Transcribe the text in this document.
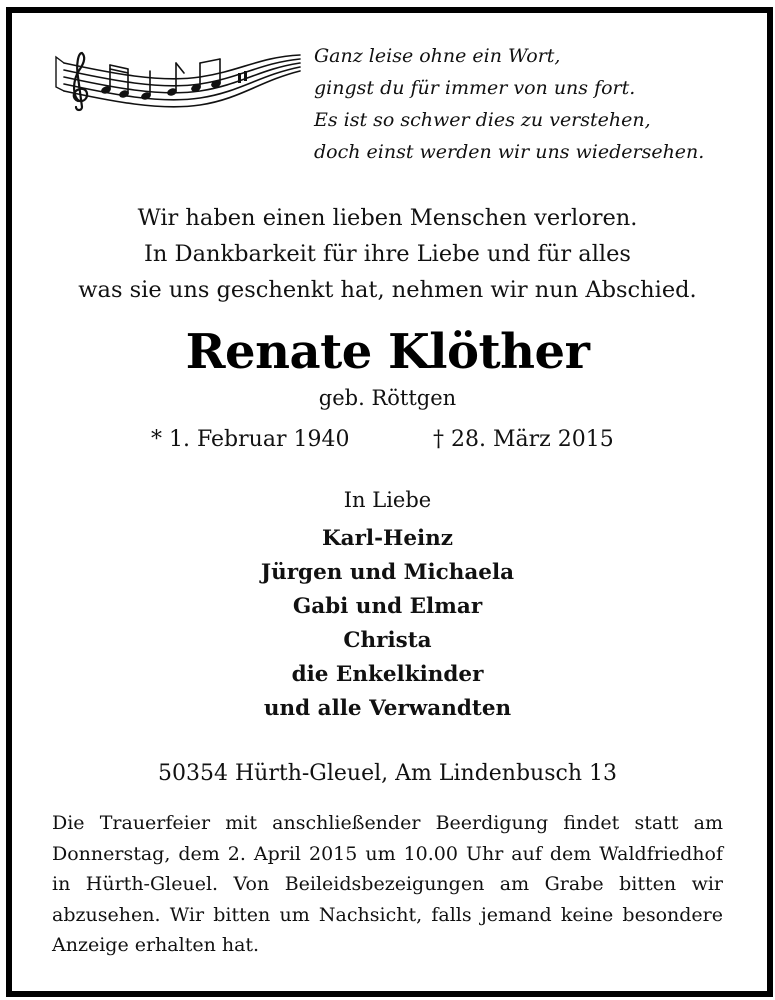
Ganz leise ohne ein Wort,
gingst du für immer von uns fort.
Es ist so schwer dies zu verstehen,
doch einst werden wir uns wiedersehen.
Wir haben einen lieben Menschen verloren.
In Dankbarkeit für ihre Liebe und für alles
was sie uns geschenkt hat, nehmen wir nun Abschied.
Renate Klöther
geb. Röttgen
* 1. Februar 1940	† 28. März 2015
In Liebe
Karl-Heinz
Jürgen und Michaela
Gabi und Elmar
Christa
die Enkelkinder
und alle Verwandten
50354 Hürth-Gleuel, Am Lindenbusch 13
Die Trauerfeier mit anschließender Beerdigung findet statt am Donnerstag, dem 2. April 2015 um 10.00 Uhr auf dem Waldfriedhof in Hürth-Gleuel. Von Beileidsbezeigungen am Grabe bitten wir abzusehen. Wir bitten um Nachsicht, falls jemand keine besondere Anzeige erhalten hat.
